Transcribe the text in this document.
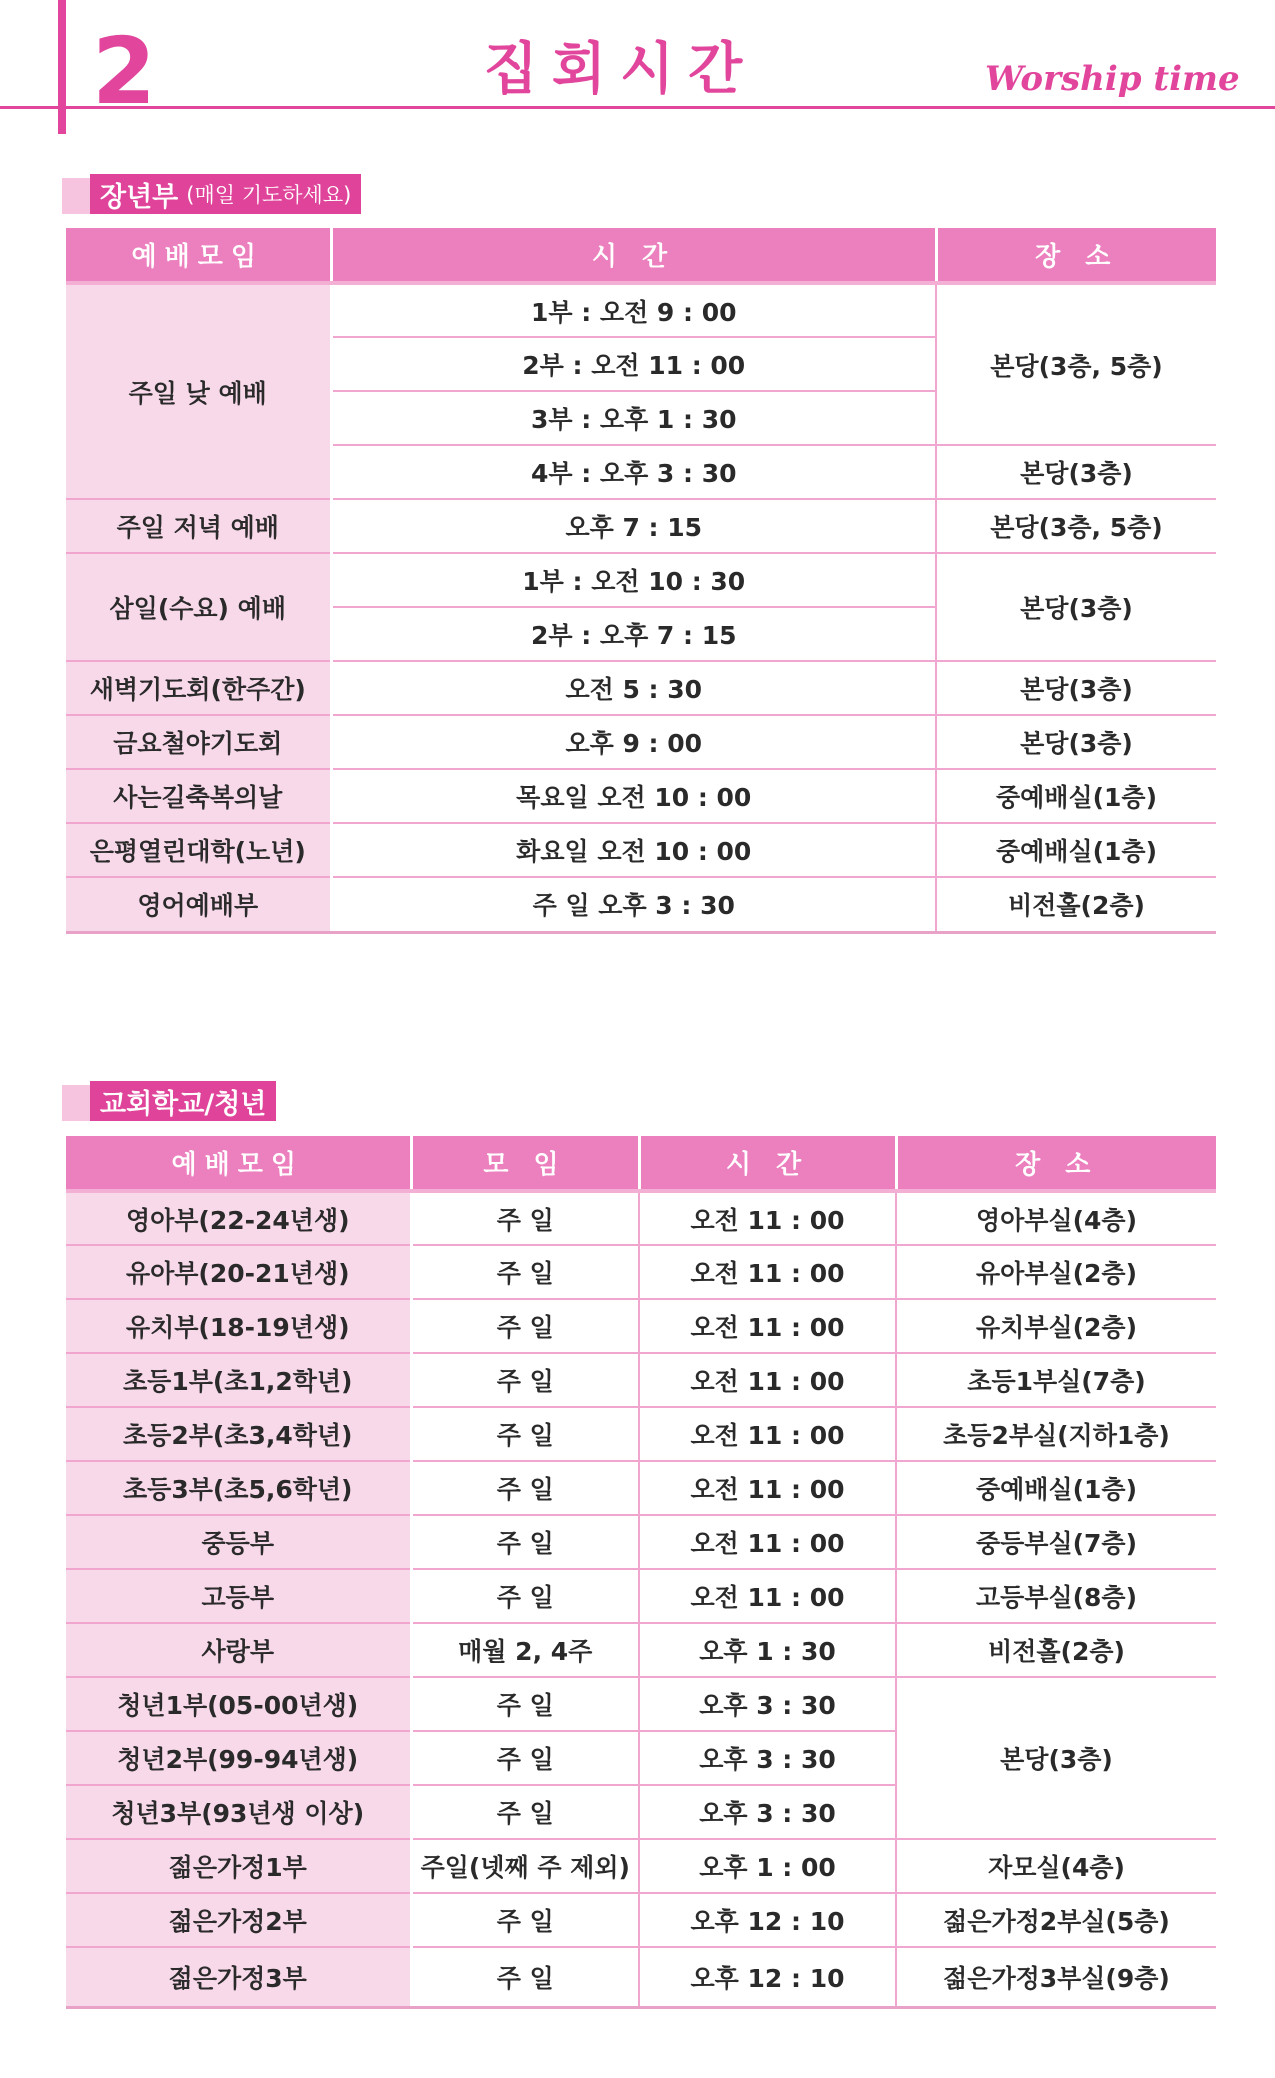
2	집회시간	Worship time
장년부 (매일 기도하세요)
예배모임	시 간	장 소
주일 낮 예배	1부 : 오전 9 : 00	본당(3층, 5층)
	2부 : 오전 11 : 00	
	3부 : 오후 1 : 30	
	4부 : 오후 3 : 30	본당(3층)
주일 저녁 예배	오후 7 : 15	본당(3층, 5층)
삼일(수요) 예배	1부 : 오전 10 : 30	본당(3층)
	2부 : 오후 7 : 15	
새벽기도회(한주간)	오전 5 : 30	본당(3층)
금요철야기도회	오후 9 : 00	본당(3층)
사는길축복의날	목요일 오전 10 : 00	중예배실(1층)
은평열린대학(노년)	화요일 오전 10 : 00	중예배실(1층)
영어예배부	주 일 오후 3 : 30	비전홀(2층)
교회학교/청년
예배모임	모 임	시 간	장 소
영아부(22-24년생)	주 일	오전 11 : 00	영아부실(4층)
유아부(20-21년생)	주 일	오전 11 : 00	유아부실(2층)
유치부(18-19년생)	주 일	오전 11 : 00	유치부실(2층)
초등1부(초1,2학년)	주 일	오전 11 : 00	초등1부실(7층)
초등2부(초3,4학년)	주 일	오전 11 : 00	초등2부실(지하1층)
초등3부(초5,6학년)	주 일	오전 11 : 00	중예배실(1층)
중등부	주 일	오전 11 : 00	중등부실(7층)
고등부	주 일	오전 11 : 00	고등부실(8층)
사랑부	매월 2, 4주	오후 1 : 30	비전홀(2층)
청년1부(05-00년생)	주 일	오후 3 : 30	본당(3층)
청년2부(99-94년생)	주 일	오후 3 : 30	
청년3부(93년생 이상)	주 일	오후 3 : 30	
젊은가정1부	주일(넷째 주 제외)	오후 1 : 00	자모실(4층)
젊은가정2부	주 일	오후 12 : 10	젊은가정2부실(5층)
젊은가정3부	주 일	오후 12 : 10	젊은가정3부실(9층)
